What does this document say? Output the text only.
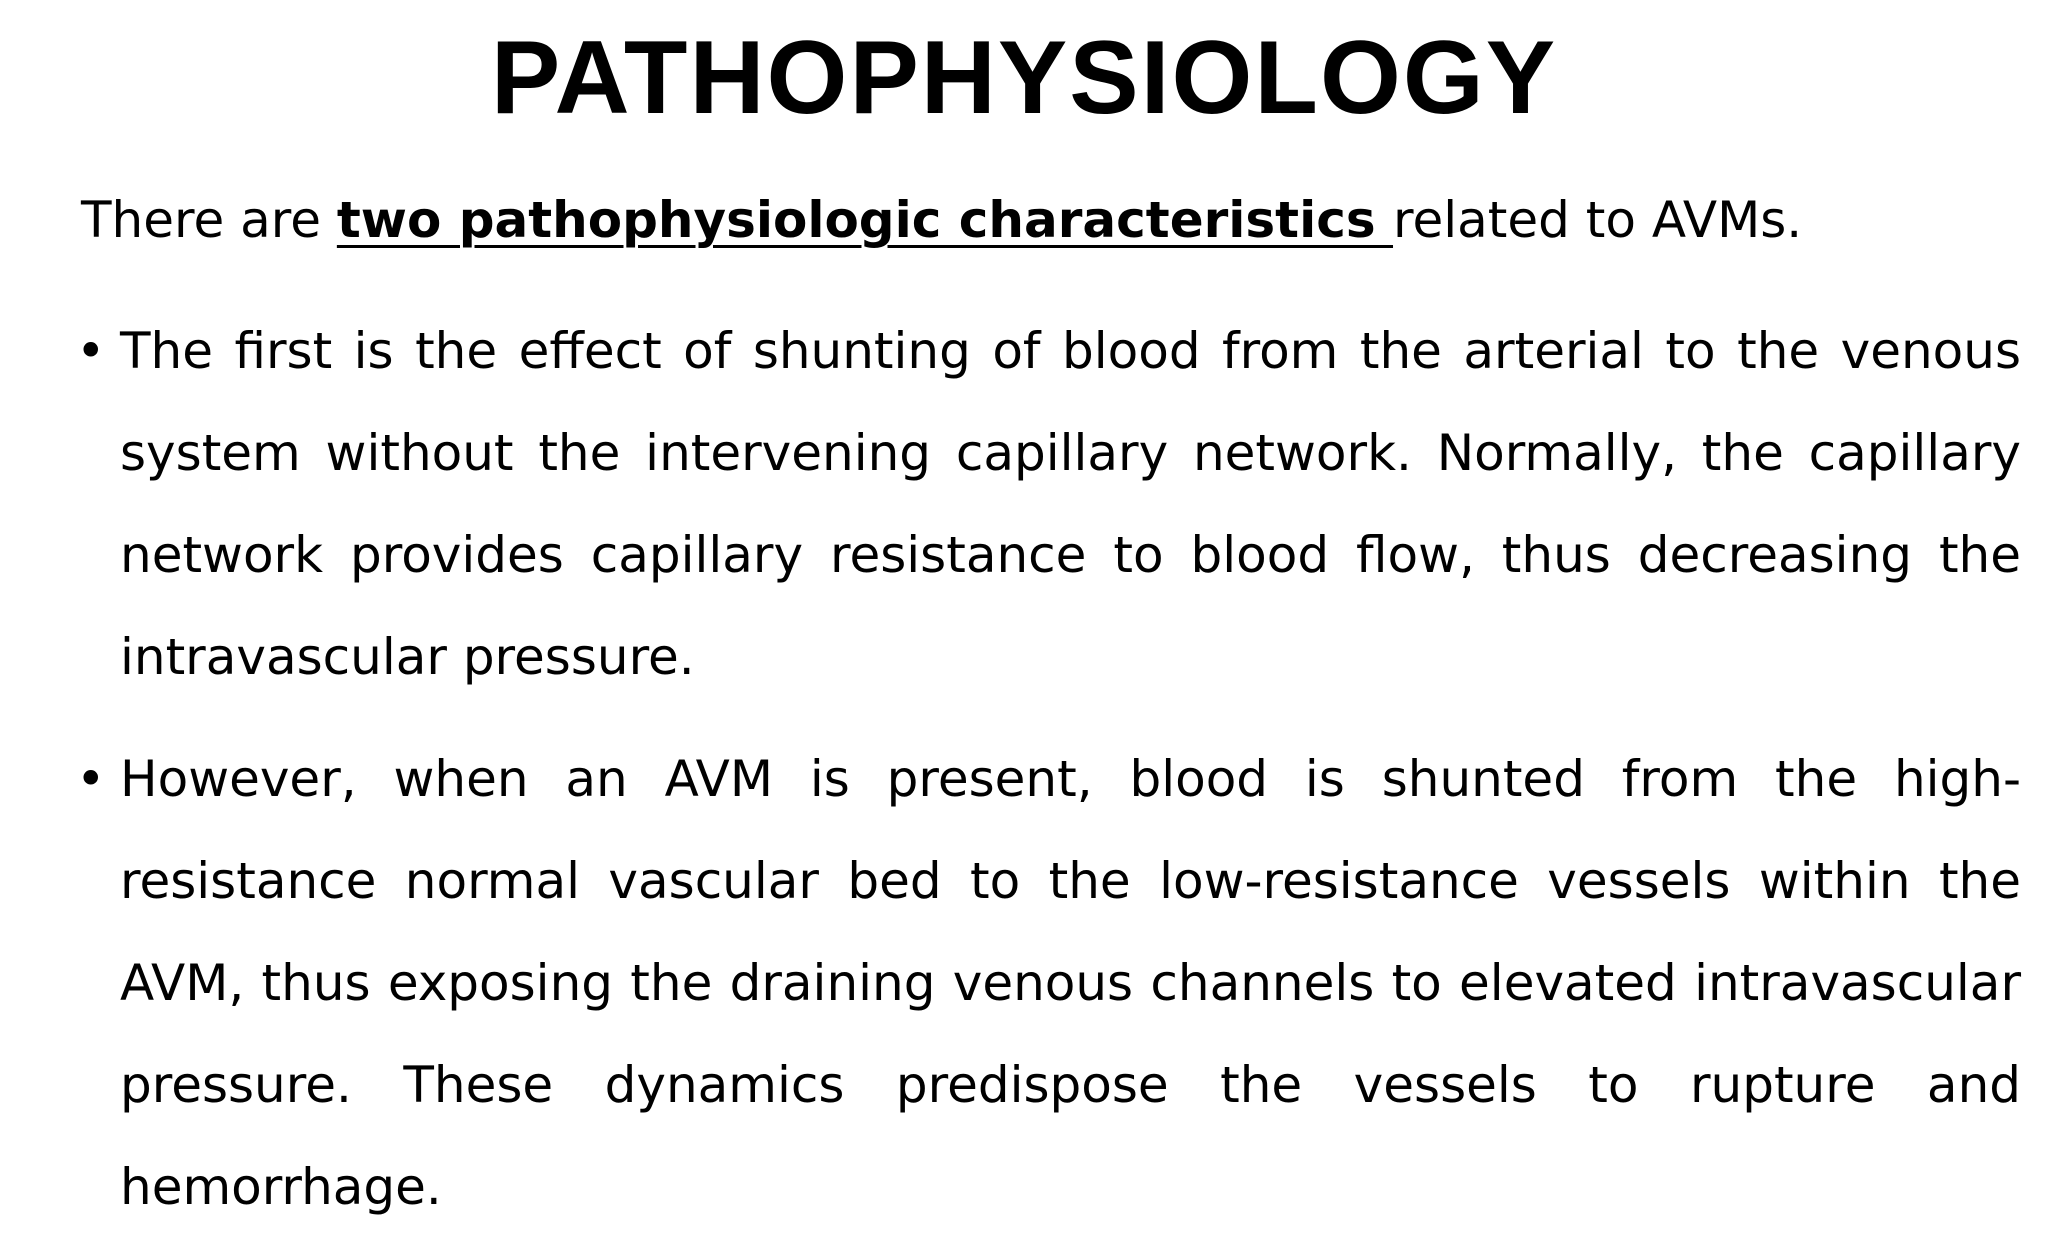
PATHOPHYSIOLOGY

There are two pathophysiologic characteristics related to AVMs.

• The first is the effect of shunting of blood from the arterial to the venous system without the intervening capillary network. Normally, the capillary network provides capillary resistance to blood flow, thus decreasing the intravascular pressure.
• However, when an AVM is present, blood is shunted from the high-resistance normal vascular bed to the low-resistance vessels within the AVM, thus exposing the draining venous channels to elevated intravascular pressure. These dynamics predispose the vessels to rupture and hemorrhage.
